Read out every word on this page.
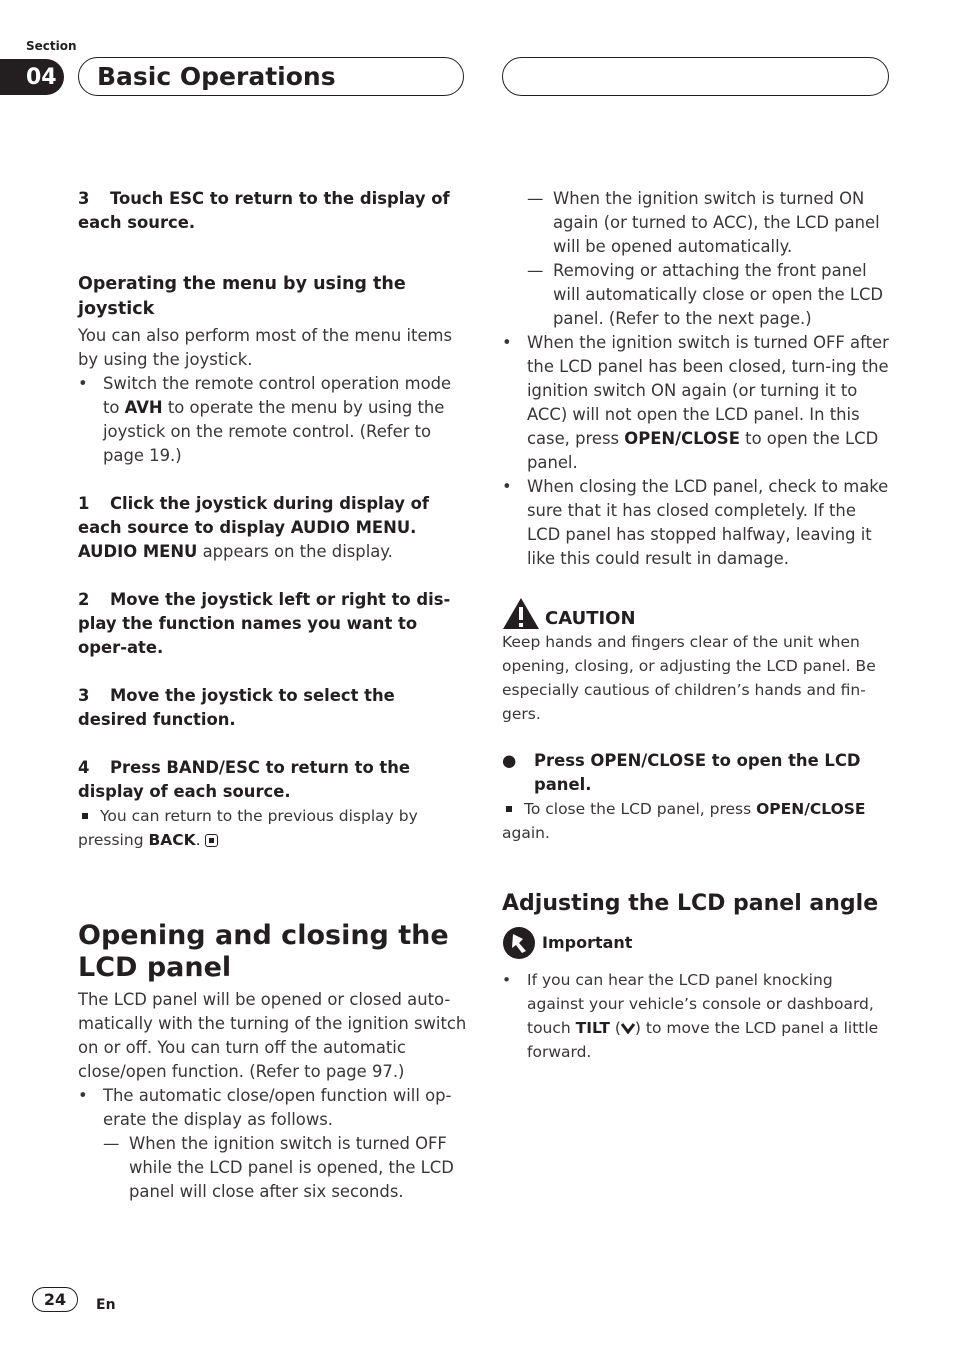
Section
04	Basic Operations
3 Touch ESC to return to the display of each source.
Operating the menu by using the joystick
You can also perform most of the menu items by using the joystick.
• Switch the remote control operation mode to AVH to operate the menu by using the joystick on the remote control. (Refer to page 19.)
1 Click the joystick during display of each source to display AUDIO MENU.
AUDIO MENU appears on the display.
2 Move the joystick left or right to dis-play the function names you want to oper-ate.
3 Move the joystick to select the desired function.
4 Press BAND/ESC to return to the display of each source.
You can return to the previous display by pressing BACK.
Opening and closing the LCD panel
The LCD panel will be opened or closed auto-matically with the turning of the ignition switch on or off. You can turn off the automatic close/open function. (Refer to page 97.)
• The automatic close/open function will op-erate the display as follows.
— When the ignition switch is turned OFF while the LCD panel is opened, the LCD panel will close after six seconds.
— When the ignition switch is turned ON again (or turned to ACC), the LCD panel will be opened automatically.
— Removing or attaching the front panel will automatically close or open the LCD panel. (Refer to the next page.)
• When the ignition switch is turned OFF after the LCD panel has been closed, turn-ing the ignition switch ON again (or turning it to ACC) will not open the LCD panel. In this case, press OPEN/CLOSE to open the LCD panel.
• When closing the LCD panel, check to make sure that it has closed completely. If the LCD panel has stopped halfway, leaving it like this could result in damage.
CAUTION
Keep hands and fingers clear of the unit when opening, closing, or adjusting the LCD panel. Be especially cautious of children’s hands and fin-gers.
●	Press OPEN/CLOSE to open the LCD panel.
To close the LCD panel, press OPEN/CLOSE again.
Adjusting the LCD panel angle
Important
•	If you can hear the LCD panel knocking against your vehicle’s console or dashboard, touch TILT ( ) to move the LCD panel a little forward.
24	En
